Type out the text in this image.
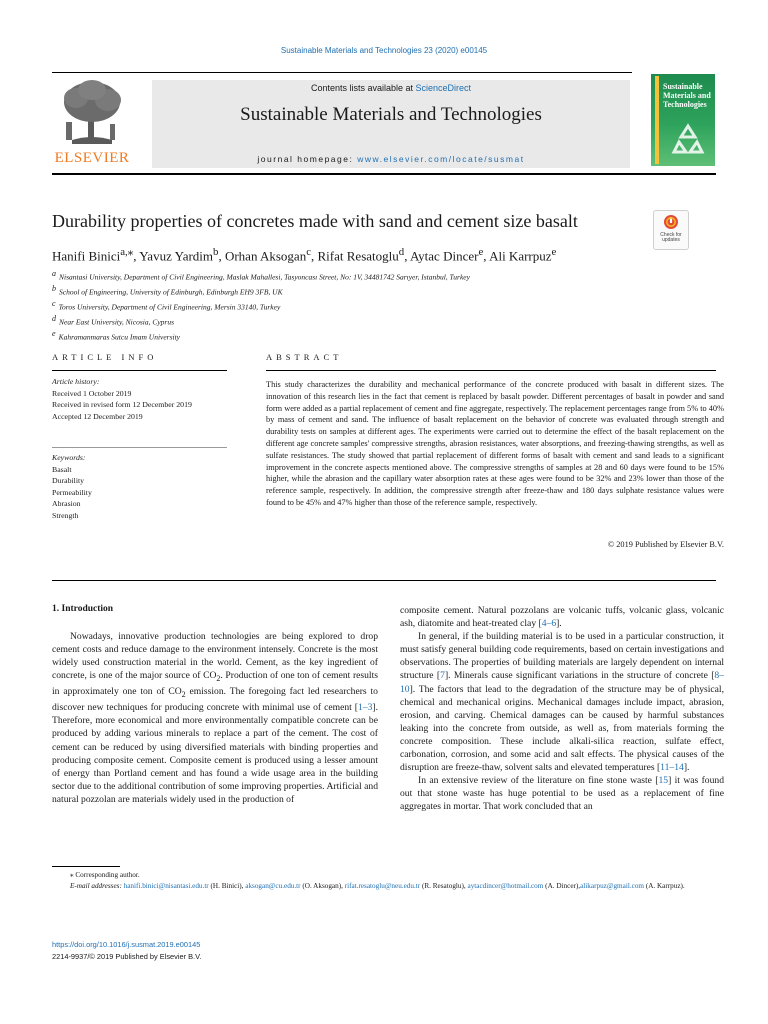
Sustainable Materials and Technologies 23 (2020) e00145
ELSEVIER
Contents lists available at ScienceDirect
Sustainable Materials and Technologies
journal homepage: www.elsevier.com/locate/susmat
Sustainable Materials and Technologies
Durability properties of concretes made with sand and cement size basalt
Check for updates
Hanifi Binici$^{a,⁎}$, Yavuz Yardim$^b$, Orhan Aksogan$^c$, Rifat Resatoglu$^d$, Aytac Dincer$^e$, Ali Karrpuz$^e$
$^a$ Nisantasi University, Department of Civil Engineering, Maslak Mahallesi, Tasyoncası Street, No: 1V, 34481742 Sarıyer, Istanbul, Turkey
$^b$ School of Engineering, University of Edinburgh, Edinburgh EH9 3FB, UK
$^c$ Toros University, Department of Civil Engineering, Mersin 33140, Turkey
$^d$ Near East University, Nicosia, Cyprus
$^e$ Kahramanmaras Sutcu Imam University
ARTICLE INFO	ABSTRACT
Article history:
Received 1 October 2019
Received in revised form 12 December 2019
Accepted 12 December 2019
Keywords:
Basalt
Durability
Permeability
Abrasion
Strength
This study characterizes the durability and mechanical performance of the concrete produced with basalt in different sizes. The innovation of this research lies in the fact that cement is replaced by basalt powder. Different percentages of basalt in powder and sand form were added as a partial replacement of cement and fine aggregate, respectively. The replacement percentages range from 5% to 40% by mass of cement and sand. The influence of basalt replacement on the behavior of concrete was evaluated through strength and durability tests on samples at different ages. The experiments were carried out to determine the effect of the basalt replacement on the different age concrete samples' compressive strengths, abrasion resistances, water absorptions, and freezing-thawing strengths, as well as sulfate resistances. The study showed that partial replacement of different forms of basalt with cement and sand leads to a significant improvement in the concrete aspects mentioned above. The compressive strengths of samples at 28 and 60 days were found to be 15% higher, while the abrasion and the capillary water absorption rates at these ages were found to be 32% and 23% lower than those of the reference sample, respectively. In addition, the compressive strength after freeze-thaw and 180 days sulphate resistance values were found to be 45% and 47% higher than those of the reference sample, respectively.
© 2019 Published by Elsevier B.V.
1. Introduction

Nowadays, innovative production technologies are being explored to drop cement costs and reduce damage to the environment intensely. Concrete is the most widely used construction material in the world. Cement, as the key ingredient of concrete, is one of the major source of $CO_2$. Production of one ton of cement results in approximately one ton of $CO_2$ emission. The foregoing fact led researchers to discover new techniques for producing concrete with minimal use of cement [1–3]. Therefore, more economical and more environmentally compatible concrete can be produced by adding various minerals to replace a part of the cement. The cost of cement can be reduced by using diversified materials with binding properties and producing composite cement. Composite cement is produced using a lesser amount of energy than Portland cement and has found a wide usage area in the building sector due to the additional contribution of some improving properties. Artificial and natural pozzolan are materials widely used in the production of

composite cement. Natural pozzolans are volcanic tuffs, volcanic glass, volcanic ash, diatomite and heat-treated clay [4–6].

In general, if the building material is to be used in a particular construction, it must satisfy general building code requirements, based on certain investigations and observations. The properties of building materials are largely dependent on internal structure [7]. Minerals cause significant variations in the structure of concrete [8–10]. The factors that lead to the degradation of the structure may be of physical, chemical and mechanical origins. Mechanical damages include impact, abrasion, erosion, and carving. Chemical damages can be caused by harmful substances leaking into the concrete from outside, as well as, from materials forming the concrete composition. These include alkali-silica reaction, sulfate effect, carbonation, corrosion, and some acid and salt effects. The physical causes of the disruption are freeze-thaw, solvent salts and elevated temperatures [11–14].

In an extensive review of the literature on fine stone waste [15] it was found out that stone waste has huge potential to be used as a replacement of fine aggregates in mortar. That work concluded that an

⁎ Corresponding author.
E-mail addresses: hanifi.binici@nisantasi.edu.tr (H. Binici), aksogan@cu.edu.tr (O. Aksogan), rifat.resatoglu@neu.edu.tr (R. Resatoglu), aytacdincer@hotmail.com (A. Dincer),alikarpuz@gmail.com (A. Karrpuz).
https://doi.org/10.1016/j.susmat.2019.e00145
2214-9937/© 2019 Published by Elsevier B.V.
